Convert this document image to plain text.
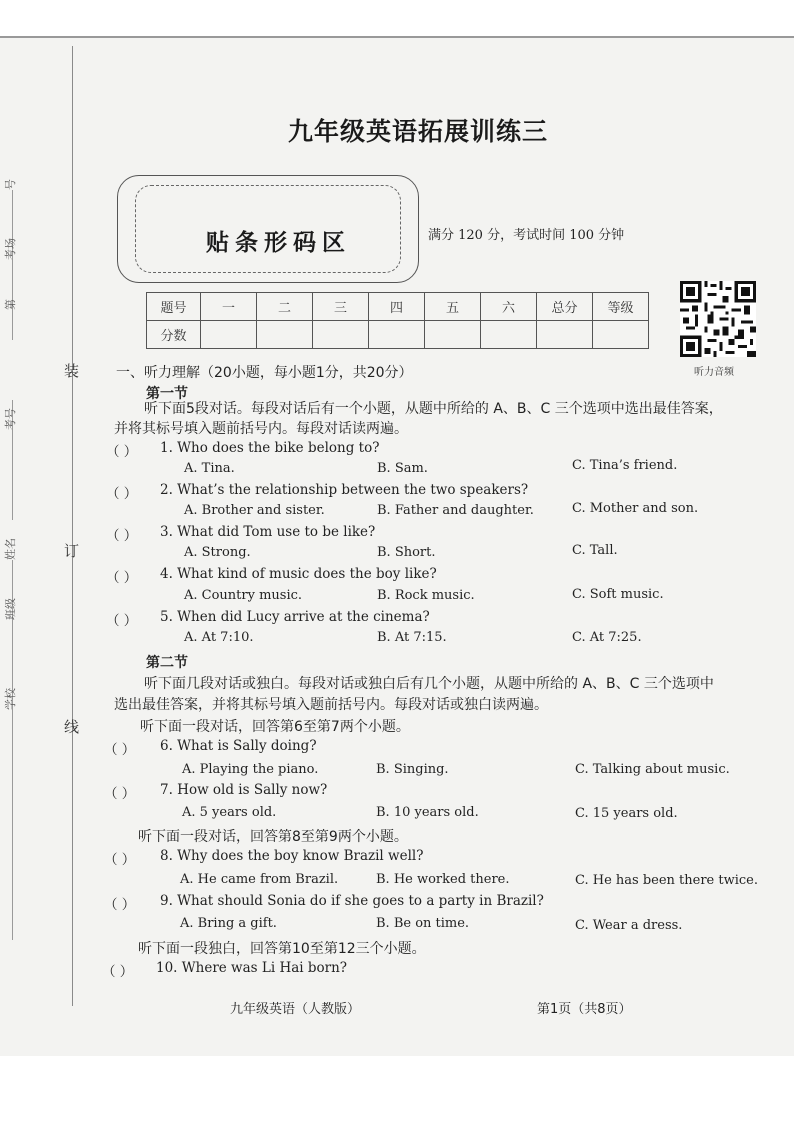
装
订
线
号
考场
第
考号
姓名
班级
学校
九年级英语拓展训练三
贴条形码区	满分 120 分，考试时间 100 分钟
题号	一	二	三	四	五	六	总分	等级
分数								
听力音频
一、听力理解（20小题，每小题1分，共20分）
第一节
听下面5段对话。每段对话后有一个小题，从题中所给的 A、B、C 三个选项中选出最佳答案，
并将其标号填入题前括号内。每段对话读两遍。
（ ） 1. Who does the bike belong to?
A. Tina.	B. Sam.	C. Tina’s friend.
（ ） 2. What’s the relationship between the two speakers?
A. Brother and sister.	B. Father and daughter.	C. Mother and son.
（ ） 3. What did Tom use to be like?
A. Strong.	B. Short.	C. Tall.
（ ） 4. What kind of music does the boy like?
A. Country music.	B. Rock music.	C. Soft music.
（ ） 5. When did Lucy arrive at the cinema?
A. At 7:10.	B. At 7:15.	C. At 7:25.
第二节
听下面几段对话或独白。每段对话或独白后有几个小题，从题中所给的 A、B、C 三个选项中
选出最佳答案，并将其标号填入题前括号内。每段对话或独白读两遍。
听下面一段对话，回答第6至第7两个小题。
（ ） 6. What is Sally doing?
A. Playing the piano.	B. Singing.	C. Talking about music.
（ ） 7. How old is Sally now?
A. 5 years old.	B. 10 years old.	C. 15 years old.
听下面一段对话，回答第8至第9两个小题。
（ ） 8. Why does the boy know Brazil well?
A. He came from Brazil.	B. He worked there.	C. He has been there twice.
（ ） 9. What should Sonia do if she goes to a party in Brazil?
A. Bring a gift.	B. Be on time.	C. Wear a dress.
听下面一段独白，回答第10至第12三个小题。
（ ） 10. Where was Li Hai born?
九年级英语（人教版）	第1页（共8页）
